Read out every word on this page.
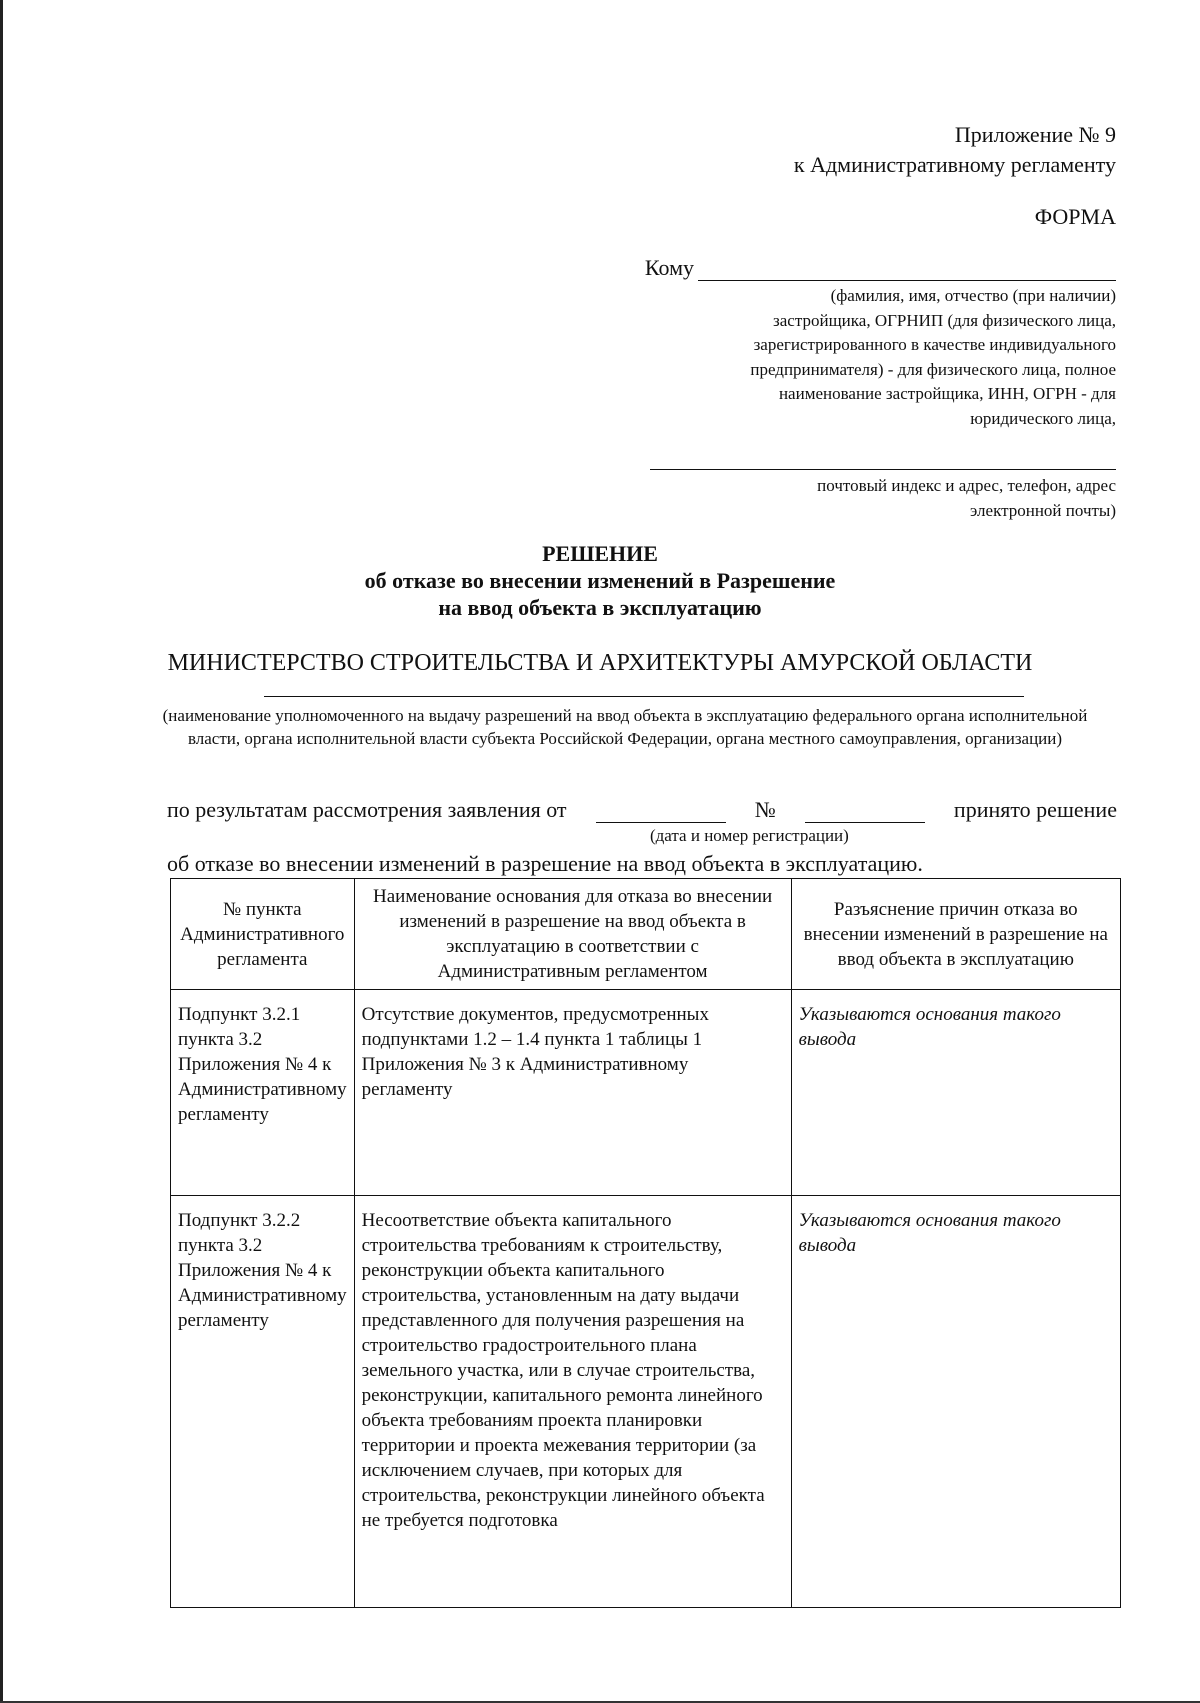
Приложение № 9
к Административному регламенту
ФОРМА
Кому
(фамилия, имя, отчество (при наличии) застройщика, ОГРНИП (для физического лица, зарегистрированного в качестве индивидуального предпринимателя) - для физического лица, полное наименование застройщика, ИНН, ОГРН - для юридического лица,
почтовый индекс и адрес, телефон, адрес электронной почты)
РЕШЕНИЕ
об отказе во внесении изменений в Разрешение
на ввод объекта в эксплуатацию
МИНИСТЕРСТВО СТРОИТЕЛЬСТВА И АРХИТЕКТУРЫ АМУРСКОЙ ОБЛАСТИ
(наименование уполномоченного на выдачу разрешений на ввод объекта в эксплуатацию федерального органа исполнительной власти, органа исполнительной власти субъекта Российской Федерации, органа местного самоуправления, организации)
по результатам рассмотрения заявления от	№	принято решение
(дата и номер регистрации)
об отказе во внесении изменений в разрешение на ввод объекта в эксплуатацию.
№ пункта Административного регламента	Наименование основания для отказа во внесении изменений в разрешение на ввод объекта в эксплуатацию в соответствии с Административным регламентом	Разъяснение причин отказа во внесении изменений в разрешение на ввод объекта в эксплуатацию
Подпункт 3.2.1 пункта 3.2 Приложения № 4 к Административному регламенту	Отсутствие документов, предусмотренных подпунктами 1.2 – 1.4 пункта 1 таблицы 1 Приложения № 3 к Административному регламенту	Указываются основания такого вывода
Подпункт 3.2.2 пункта 3.2 Приложения № 4 к Административному регламенту	Несоответствие объекта капитального строительства требованиям к строительству, реконструкции объекта капитального строительства, установленным на дату выдачи представленного для получения разрешения на строительство градостроительного плана земельного участка, или в случае строительства, реконструкции, капитального ремонта линейного объекта требованиям проекта планировки территории и проекта межевания территории (за исключением случаев, при которых для строительства, реконструкции линейного объекта не требуется подготовка	Указываются основания такого вывода
